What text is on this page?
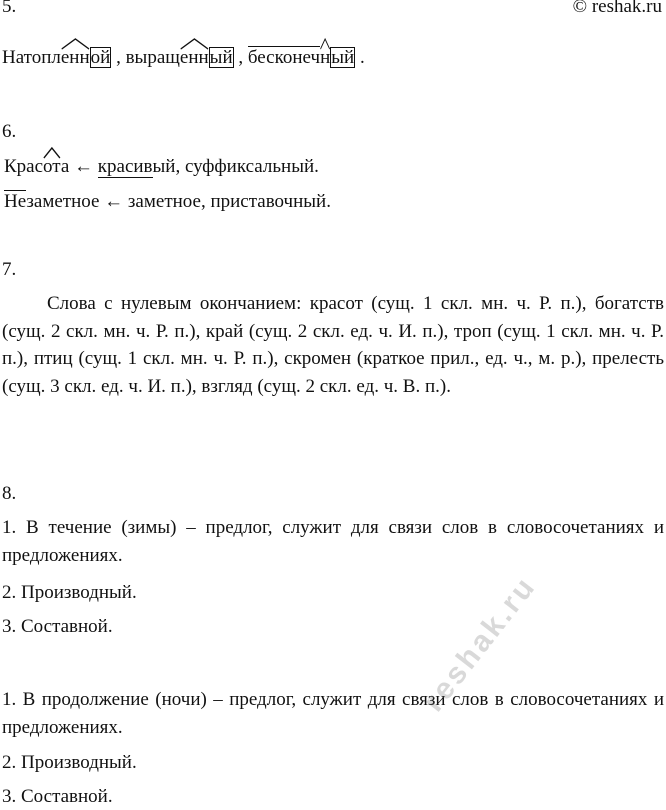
© reshak.ru
5.
Натопл
енной , выращ
енный , бесконеч
ный .
6.
Крас
ота ← красивый, суффиксальный.
Незаметное ← заметное, приставочный.
7.
Слова с нулевым окончанием: красот (сущ. 1 скл. мн. ч. Р. п.), богатств (сущ. 2 скл. мн. ч. Р. п.), край (сущ. 2 скл. ед. ч. И. п.), троп (сущ. 1 скл. мн. ч. Р. п.), птиц (сущ. 1 скл. мн. ч. Р. п.), скромен (краткое прил., ед. ч., м. р.), прелесть (сущ. 3 скл. ед. ч. И. п.), взгляд (сущ. 2 скл. ед. ч. В. п.).
8.
1. В течение (зимы) – предлог, служит для связи слов в словосочетаниях и предложениях.
2. Производный.
3. Составной.
1. В продолжение (ночи) – предлог, служит для связи слов в словосочетаниях и предложениях.
2. Производный.
3. Составной.
reshak.ru
